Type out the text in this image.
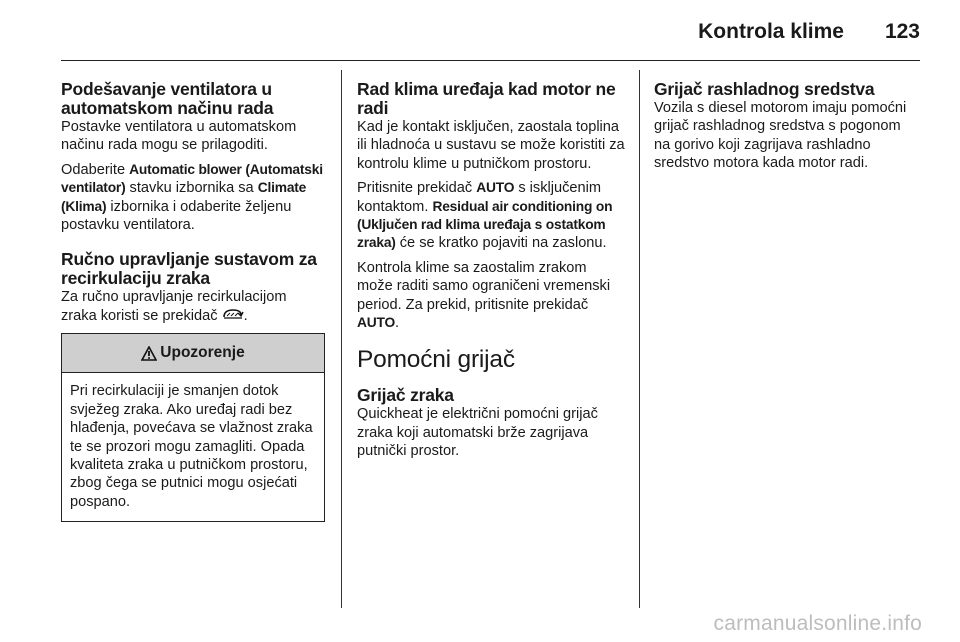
Kontrola klime 123
Podešavanje ventilatora u automatskom načinu rada

Postavke ventilatora u automatskom načinu rada mogu se prilagoditi.

Odaberite Automatic blower (Automatski ventilator) stavku izbornika sa Climate (Klima) izbornika i odaberite željenu postavku ventilatora.

Ručno upravljanje sustavom za recirkulaciju zraka

Za ručno upravljanje recirkulacijom zraka koristi se prekidač .

Upozorenje

Pri recirkulaciji je smanjen dotok svježeg zraka. Ako uređaj radi bez hlađenja, povećava se vlažnost zraka te se prozori mogu zamagliti. Opada kvaliteta zraka u putničkom prostoru, zbog čega se putnici mogu osjećati pospano.

Rad klima uređaja kad motor ne radi

Kad je kontakt isključen, zaostala toplina ili hladnoća u sustavu se može koristiti za kontrolu klime u putničkom prostoru.

Pritisnite prekidač AUTO s isključenim kontaktom. Residual air conditioning on (Uključen rad klima uređaja s ostatkom zraka) će se kratko pojaviti na zaslonu.

Kontrola klime sa zaostalim zrakom može raditi samo ograničeni vremenski period. Za prekid, pritisnite prekidač AUTO.

Pomoćni grijač
Grijač zraka

Quickheat je električni pomoćni grijač zraka koji automatski brže zagrijava putnički prostor.

Grijač rashladnog sredstva

Vozila s diesel motorom imaju pomoćni grijač rashladnog sredstva s pogonom na gorivo koji zagrijava rashladno sredstvo motora kada motor radi.

carmanualsonline.info
